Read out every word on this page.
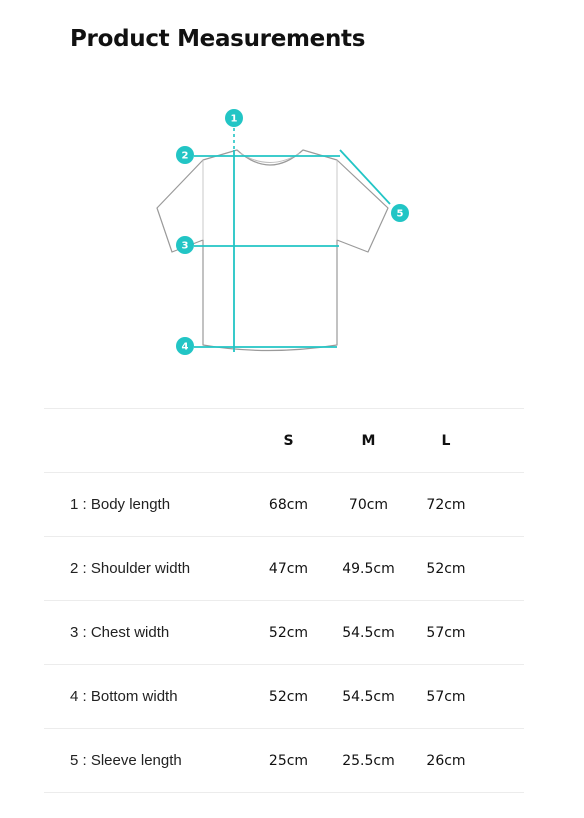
Product Measurements
1
2
3
4
5
	S	M	L	
1 : Body length	68cm	70cm	72cm	
2 : Shoulder width	47cm	49.5cm	52cm	
3 : Chest width	52cm	54.5cm	57cm	
4 : Bottom width	52cm	54.5cm	57cm	
5 : Sleeve length	25cm	25.5cm	26cm	
